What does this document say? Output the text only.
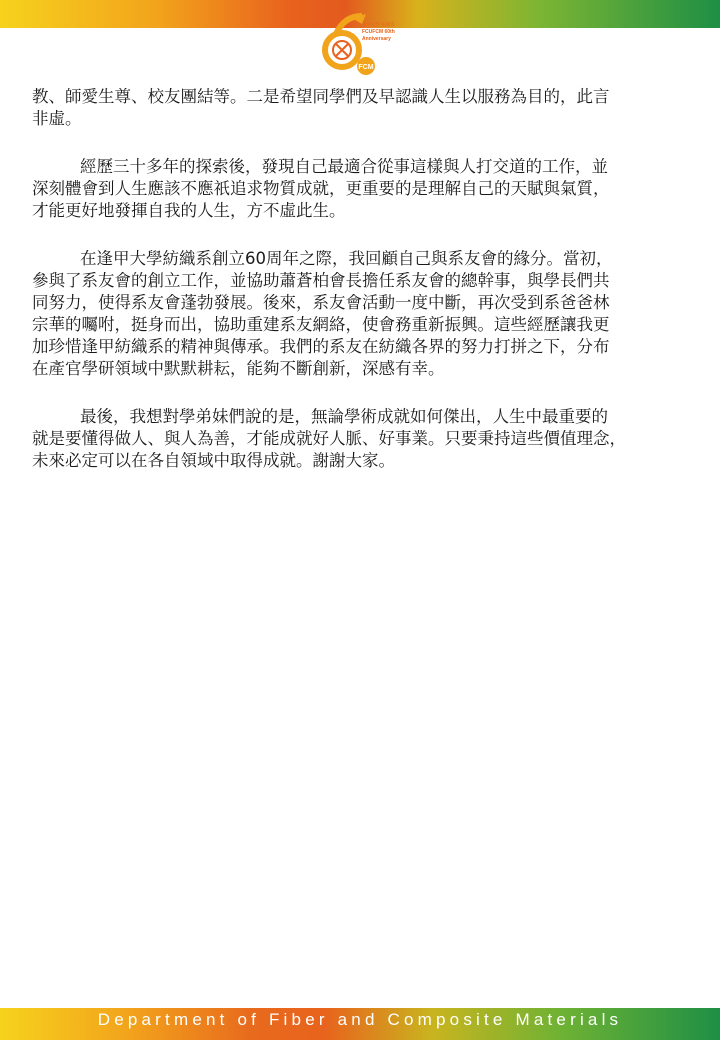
FCM
逢甲大學 紡織系
FCUFCM 60th
Anniversary

教、師愛生尊、校友團結等。二是希望同學們及早認識人生以服務為目的，此言
非虛。

經歷三十多年的探索後，發現自己最適合從事這樣與人打交道的工作，並
深刻體會到人生應該不應祇追求物質成就，更重要的是理解自己的天賦與氣質，
才能更好地發揮自我的人生，方不虛此生。

在逢甲大學紡織系創立60周年之際，我回顧自己與系友會的緣分。當初，
參與了系友會的創立工作，並協助蕭蒼柏會長擔任系友會的總幹事，與學長們共
同努力，使得系友會蓬勃發展。後來，系友會活動一度中斷，再次受到系爸爸林
宗華的囑咐，挺身而出，協助重建系友網絡，使會務重新振興。這些經歷讓我更
加珍惜逢甲紡織系的精神與傳承。我們的系友在紡織各界的努力打拼之下，分布
在產官學研領域中默默耕耘，能夠不斷創新，深感有幸。

最後，我想對學弟妹們說的是，無論學術成就如何傑出，人生中最重要的
就是要懂得做人、與人為善，才能成就好人脈、好事業。只要秉持這些價值理念，
未來必定可以在各自領域中取得成就。謝謝大家。

Department of Fiber and Composite Materials
